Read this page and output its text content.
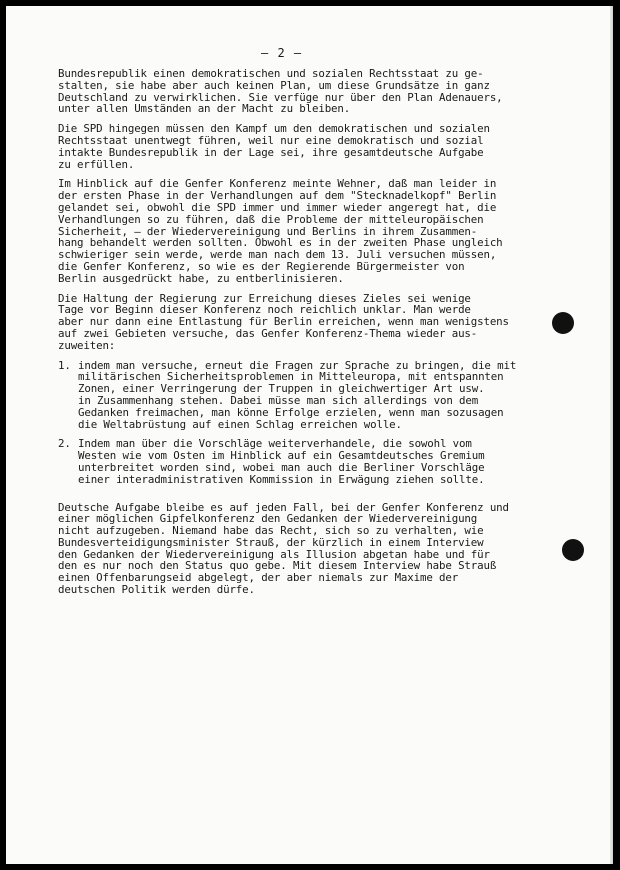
– 2 –
Bundesrepublik einen demokratischen und sozialen Rechtsstaat zu ge-
stalten, sie habe aber auch keinen Plan, um diese Grundsätze in ganz
Deutschland zu verwirklichen. Sie verfüge nur über den Plan Adenauers,
unter allen Umständen an der Macht zu bleiben.
Die SPD hingegen müssen den Kampf um den demokratischen und sozialen
Rechtsstaat unentwegt führen, weil nur eine demokratisch und sozial
intakte Bundesrepublik in der Lage sei, ihre gesamtdeutsche Aufgabe
zu erfüllen.
Im Hinblick auf die Genfer Konferenz meinte Wehner, daß man leider in
der ersten Phase in der Verhandlungen auf dem "Stecknadelkopf" Berlin
gelandet sei, obwohl die SPD immer und immer wieder angeregt hat, die
Verhandlungen so zu führen, daß die Probleme der mitteleuropäischen
Sicherheit, – der Wiedervereinigung und Berlins in ihrem Zusammen-
hang behandelt werden sollten. Obwohl es in der zweiten Phase ungleich
schwieriger sein werde, werde man nach dem 13. Juli versuchen müssen,
die Genfer Konferenz, so wie es der Regierende Bürgermeister von
Berlin ausgedrückt habe, zu entberlinisieren.
Die Haltung der Regierung zur Erreichung dieses Zieles sei wenige
Tage vor Beginn dieser Konferenz noch reichlich unklar. Man werde
aber nur dann eine Entlastung für Berlin erreichen, wenn man wenigstens
auf zwei Gebieten versuche, das Genfer Konferenz-Thema wieder aus-
zuweiten:
1. indem man versuche, erneut die Fragen zur Sprache zu bringen, die mit
militärischen Sicherheitsproblemen in Mitteleuropa, mit entspannten
Zonen, einer Verringerung der Truppen in gleichwertiger Art usw.
in Zusammenhang stehen. Dabei müsse man sich allerdings von dem
Gedanken freimachen, man könne Erfolge erzielen, wenn man sozusagen
die Weltabrüstung auf einen Schlag erreichen wolle.
2. Indem man über die Vorschläge weiterverhandele, die sowohl vom
Westen wie vom Osten im Hinblick auf ein Gesamtdeutsches Gremium
unterbreitet worden sind, wobei man auch die Berliner Vorschläge
einer interadministrativen Kommission in Erwägung ziehen sollte.
Deutsche Aufgabe bleibe es auf jeden Fall, bei der Genfer Konferenz und
einer möglichen Gipfelkonferenz den Gedanken der Wiedervereinigung
nicht aufzugeben. Niemand habe das Recht, sich so zu verhalten, wie
Bundesverteidigungsminister Strauß, der kürzlich in einem Interview
den Gedanken der Wiedervereinigung als Illusion abgetan habe und für
den es nur noch den Status quo gebe. Mit diesem Interview habe Strauß
einen Offenbarungseid abgelegt, der aber niemals zur Maxime der
deutschen Politik werden dürfe.
